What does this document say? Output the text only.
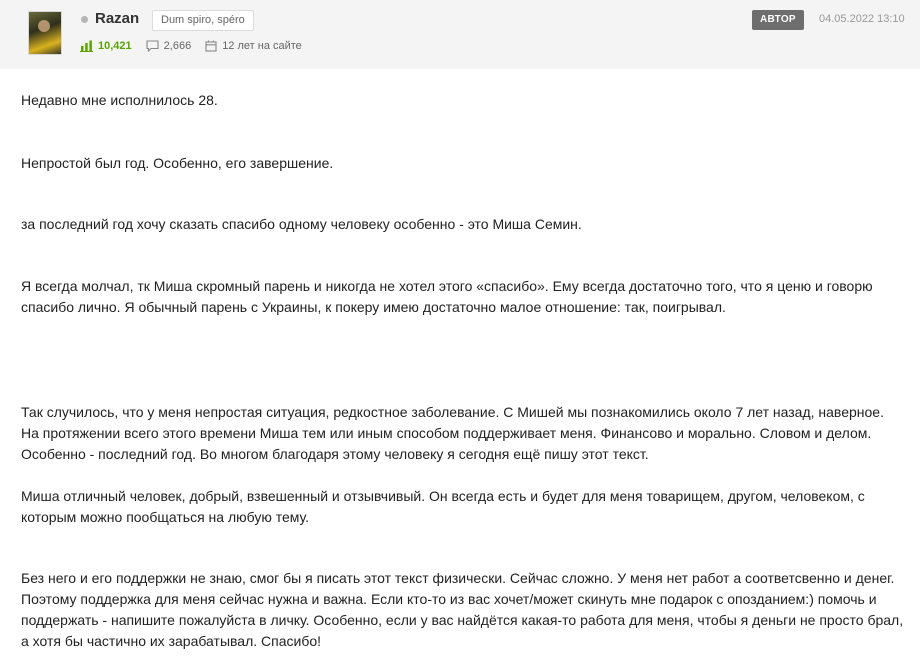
Razan	Dum spiro, spéro
10,421	2,666	12 лет на сайте
АВТОР	04.05.2022 13:10

Недавно мне исполнилось 28.

Непростой был год. Особенно, его завершение.

за последний год хочу сказать спасибо одному человеку особенно - это Миша Семин.

Я всегда молчал, тк Миша скромный парень и никогда не хотел этого «спасибо». Ему всегда достаточно того, что я ценю и говорю спасибо лично. Я обычный парень с Украины, к покеру имею достаточно малое отношение: так, поигрывал.

Так случилось, что у меня непростая ситуация, редкостное заболевание. С Мишей мы познакомились около 7 лет назад, наверное. На протяжении всего этого времени Миша тем или иным способом поддерживает меня. Финансово и морально. Словом и делом. Особенно - последний год. Во многом благодаря этому человеку я сегодня ещё пишу этот текст.

Миша отличный человек, добрый, взвешенный и отзывчивый. Он всегда есть и будет для меня товарищем, другом, человеком, с которым можно пообщаться на любую тему.

Без него и его поддержки не знаю, смог бы я писать этот текст физически. Сейчас сложно. У меня нет работ а соответсвенно и денег. Поэтому поддержка для меня сейчас нужна и важна. Если кто-то из вас хочет/может скинуть мне подарок с опозданием:) помочь и поддержать - напишите пожалуйста в личку. Особенно, если у вас найдётся какая-то работа для меня, чтобы я деньги не просто брал, а хотя бы частично их зарабатывал. Спасибо!
